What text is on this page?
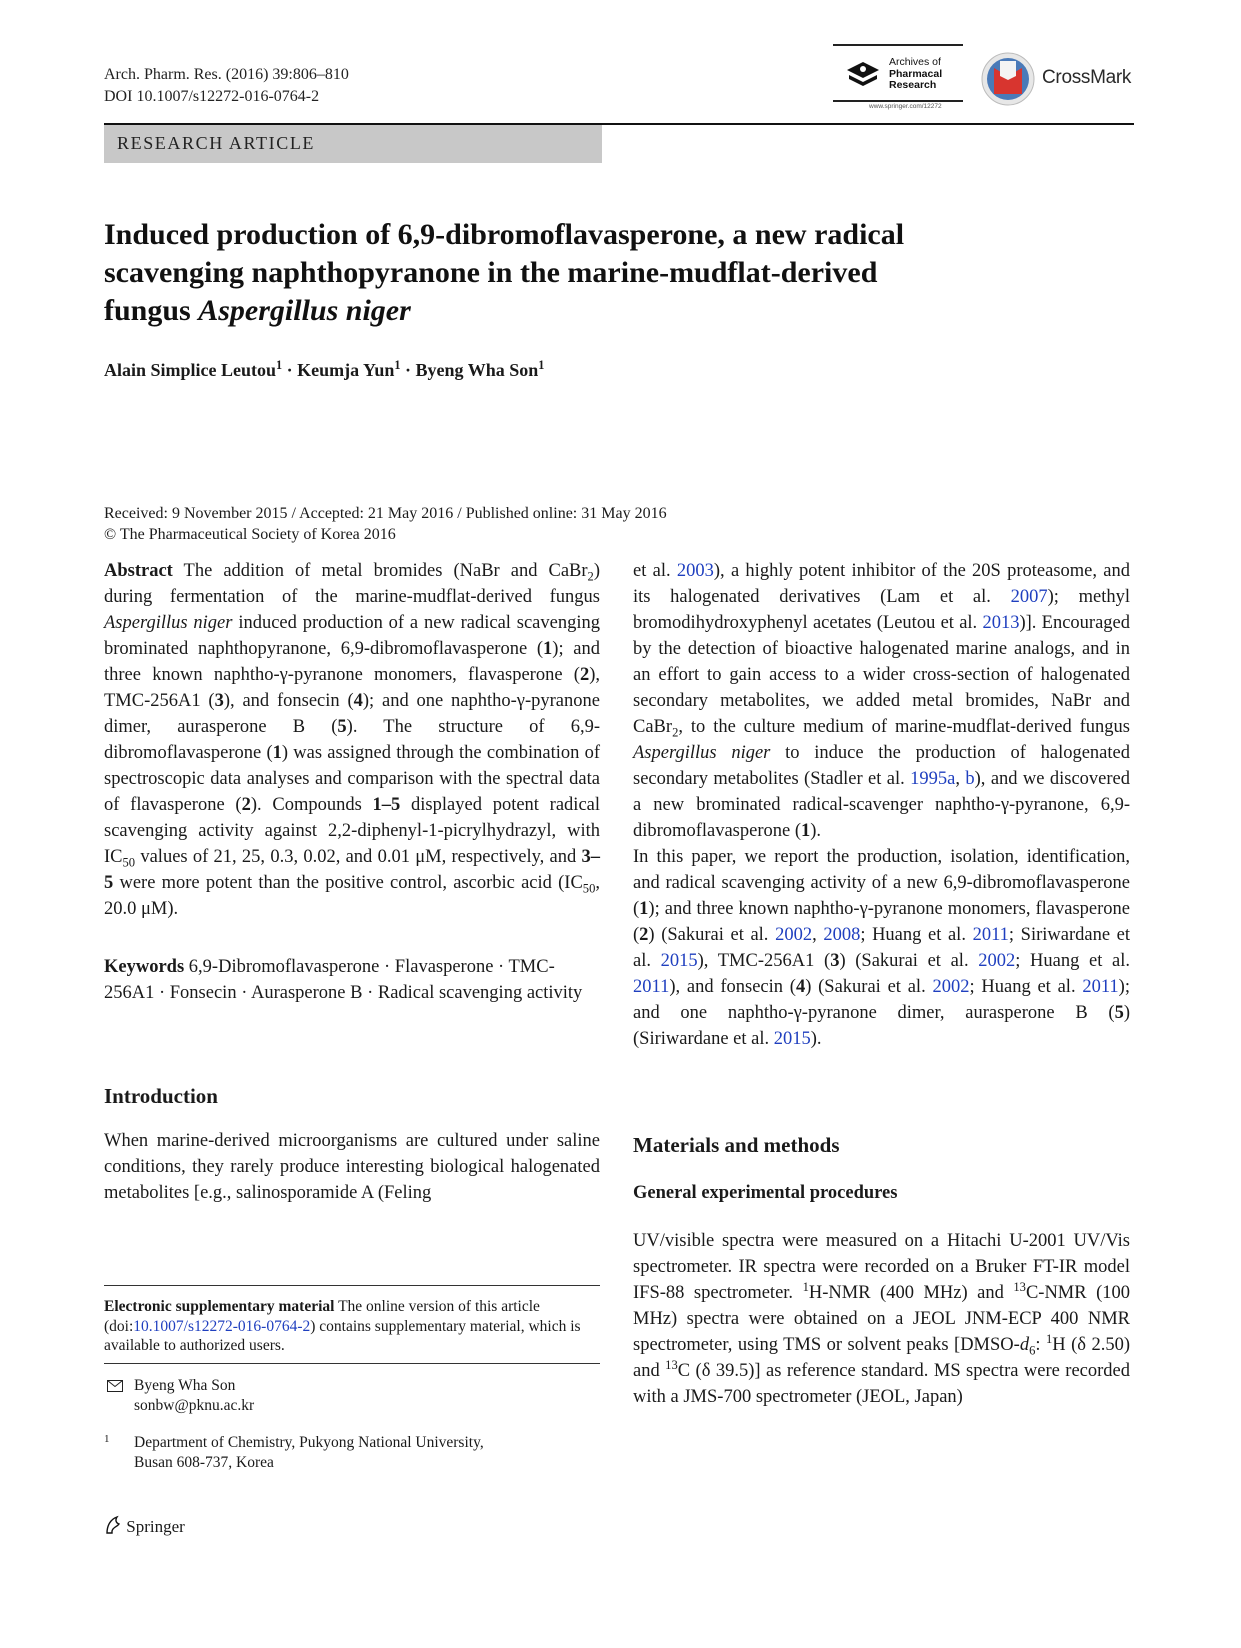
Arch. Pharm. Res. (2016) 39:806–810
DOI 10.1007/s12272-016-0764-2
Archives of
Pharmacal
Research
www.springer.com/12272
CrossMark
RESEARCH ARTICLE
Induced production of 6,9-dibromoflavasperone, a new radical
scavenging naphthopyranone in the marine-mudflat-derived
fungus Aspergillus niger
Alain Simplice Leutou$^1$ · Keumja Yun$^1$ · Byeng Wha Son$^1$
Received: 9 November 2015 / Accepted: 21 May 2016 / Published online: 31 May 2016
© The Pharmaceutical Society of Korea 2016

Abstract The addition of metal bromides (NaBr and CaBr$_2$) during fermentation of the marine-mudflat-derived fungus Aspergillus niger induced production of a new radical scavenging brominated naphthopyranone, 6,9-dibromoflavasperone (1); and three known naphtho-γ-pyranone monomers, flavasperone (2), TMC-256A1 (3), and fonsecin (4); and one naphtho-γ-pyranone dimer, aurasperone B (5). The structure of 6,9-dibromoflavasperone (1) was assigned through the combination of spectroscopic data analyses and comparison with the spectral data of flavasperone (2). Compounds 1–5 displayed potent radical scavenging activity against 2,2-diphenyl-1-picrylhydrazyl, with $IC_{50}$ values of 21, 25, 0.3, 0.02, and 0.01 μM, respectively, and 3–5 were more potent than the positive control, ascorbic acid ($IC_{50}$, 20.0 μM).

Keywords 6,9-Dibromoflavasperone · Flavasperone · TMC-256A1 · Fonsecin · Aurasperone B · Radical scavenging activity
Introduction

When marine-derived microorganisms are cultured under saline conditions, they rarely produce interesting biological halogenated metabolites [e.g., salinosporamide A (Feling

Electronic supplementary material The online version of this article (doi:10.1007/s12272-016-0764-2) contains supplementary material, which is available to authorized users.
Byeng Wha Son
sonbw@pknu.ac.kr
1 Department of Chemistry, Pukyong National University,
Busan 608-737, Korea
Springer

et al. 2003), a highly potent inhibitor of the 20S proteasome, and its halogenated derivatives (Lam et al. 2007); methyl bromodihydroxyphenyl acetates (Leutou et al. 2013)]. Encouraged by the detection of bioactive halogenated marine analogs, and in an effort to gain access to a wider cross-section of halogenated secondary metabolites, we added metal bromides, NaBr and CaBr$_2$, to the culture medium of marine-mudflat-derived fungus Aspergillus niger to induce the production of halogenated secondary metabolites (Stadler et al. 1995a, b), and we discovered a new brominated radical-scavenger naphtho-γ-pyranone, 6,9-dibromoflavasperone (1).

In this paper, we report the production, isolation, identification, and radical scavenging activity of a new 6,9-dibromoflavasperone (1); and three known naphtho-γ-pyranone monomers, flavasperone (2) (Sakurai et al. 2002, 2008; Huang et al. 2011; Siriwardane et al. 2015), TMC-256A1 (3) (Sakurai et al. 2002; Huang et al. 2011), and fonsecin (4) (Sakurai et al. 2002; Huang et al. 2011); and one naphtho-γ-pyranone dimer, aurasperone B (5) (Siriwardane et al. 2015).

Materials and methods
General experimental procedures

UV/visible spectra were measured on a Hitachi U-2001 UV/Vis spectrometer. IR spectra were recorded on a Bruker FT-IR model IFS-88 spectrometer. $^1$H-NMR (400 MHz) and $^{13}$C-NMR (100 MHz) spectra were obtained on a JEOL JNM-ECP 400 NMR spectrometer, using TMS or solvent peaks [$DMSO-d_6$: $^1$H (δ 2.50) and $^{13}$C (δ 39.5)] as reference standard. MS spectra were recorded with a JMS-700 spectrometer (JEOL, Japan)
